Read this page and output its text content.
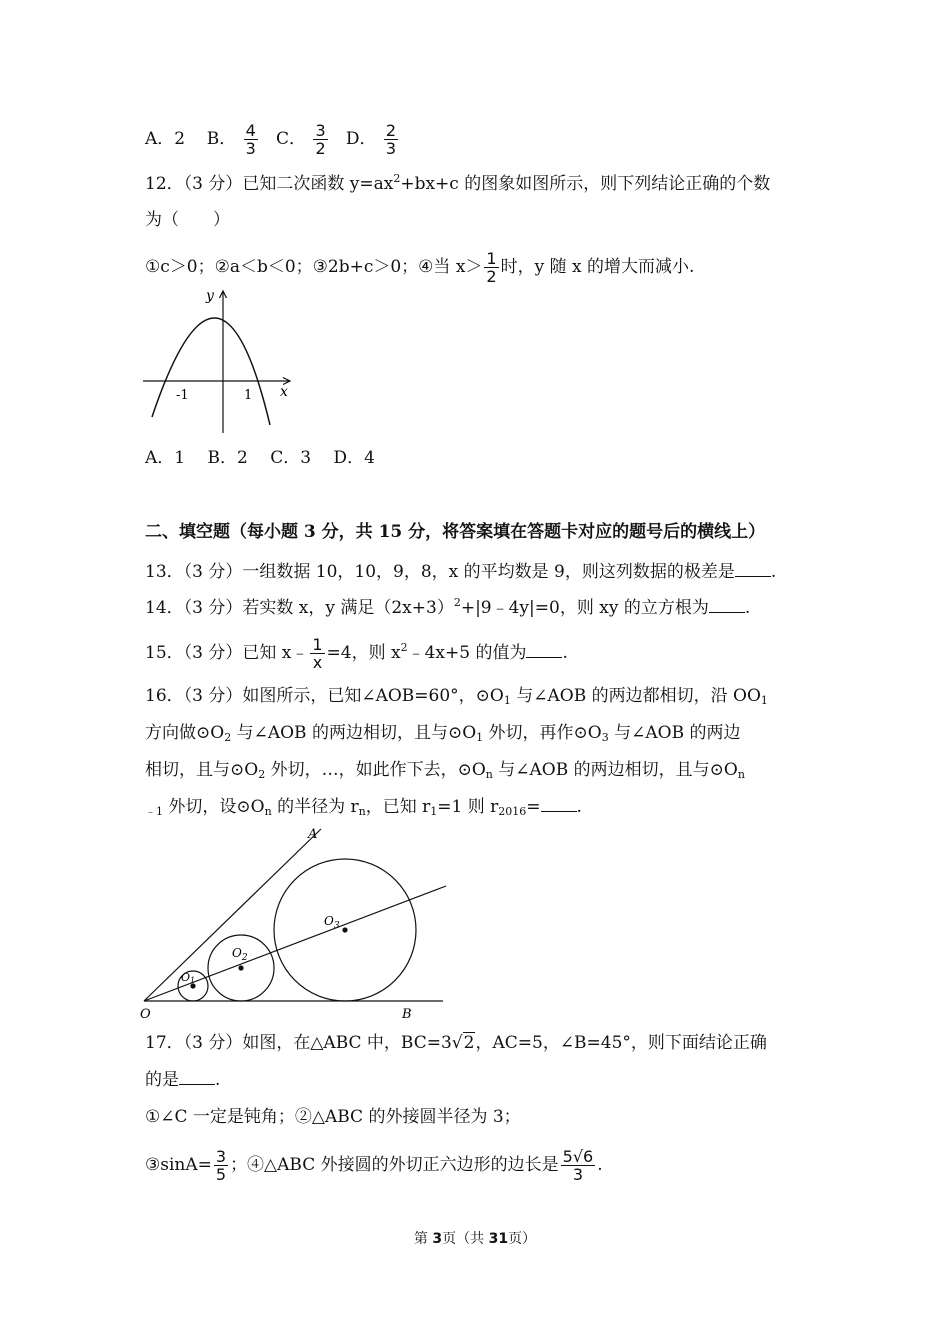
A．2 B． $\frac{4}{3}$ C． $\frac{3}{2}$ D． $\frac{2}{3}$
12．（3 分）已知二次函数 $y=ax^2+bx+c$ 的图象如图所示，则下列结论正确的个数
为（　　）
①c＞0；②a＜b＜0；③2b+c＞0；④当 $x> \frac{1}{2}$ 时，y 随 x 的增大而减小.
y
x
-1	1
A．1　 B．2　 C．3　 D．4
二、填空题（每小题 3 分，共 15 分，将答案填在答题卡对应的题号后的横线上）
13．（3 分）一组数据 10，10，9，8，x 的平均数是 9，则这列数据的极差是 .
14．（3 分）若实数 x，y 满足$(2x+3)^2+|9﹣4y|=0$，则 xy 的立方根为 .
15．（3 分）已知 x﹣ $\frac{1}{x} =4$，则 $x^2﹣4x+5$ 的值为 .
16．（3 分）如图所示，已知∠AOB=60°，$⊙O_1$ 与∠AOB 的两边都相切，沿 $OO_1$
方向做$⊙O_2$ 与∠AOB 的两边相切，且与$⊙O_1$ 外切，再作$⊙O_3$ 与∠AOB 的两边
相切，且与$⊙O_2$ 外切，…，如此作下去，$⊙O_n$ 与∠AOB 的两边相切，且与$⊙O_n$
$_{﹣1}$ 外切，设$⊙O_n$ 的半径为 $r_n$，已知 $r_1=1$ 则 $r_{2016}=$ .
A
B
O
O1
$O_2$
$O_3$
17．（3 分）如图，在△ABC 中，BC=3√2，AC=5，∠B=45°，则下面结论正确
的是 .
①∠C 一定是钝角；②△ABC 的外接圆半径为 3；
③sinA= $\frac{3}{5}$ ；④△ABC 外接圆的外切正六边形的边长是 $\frac{5√6}{3}$ .
第 3页（共 31页）
